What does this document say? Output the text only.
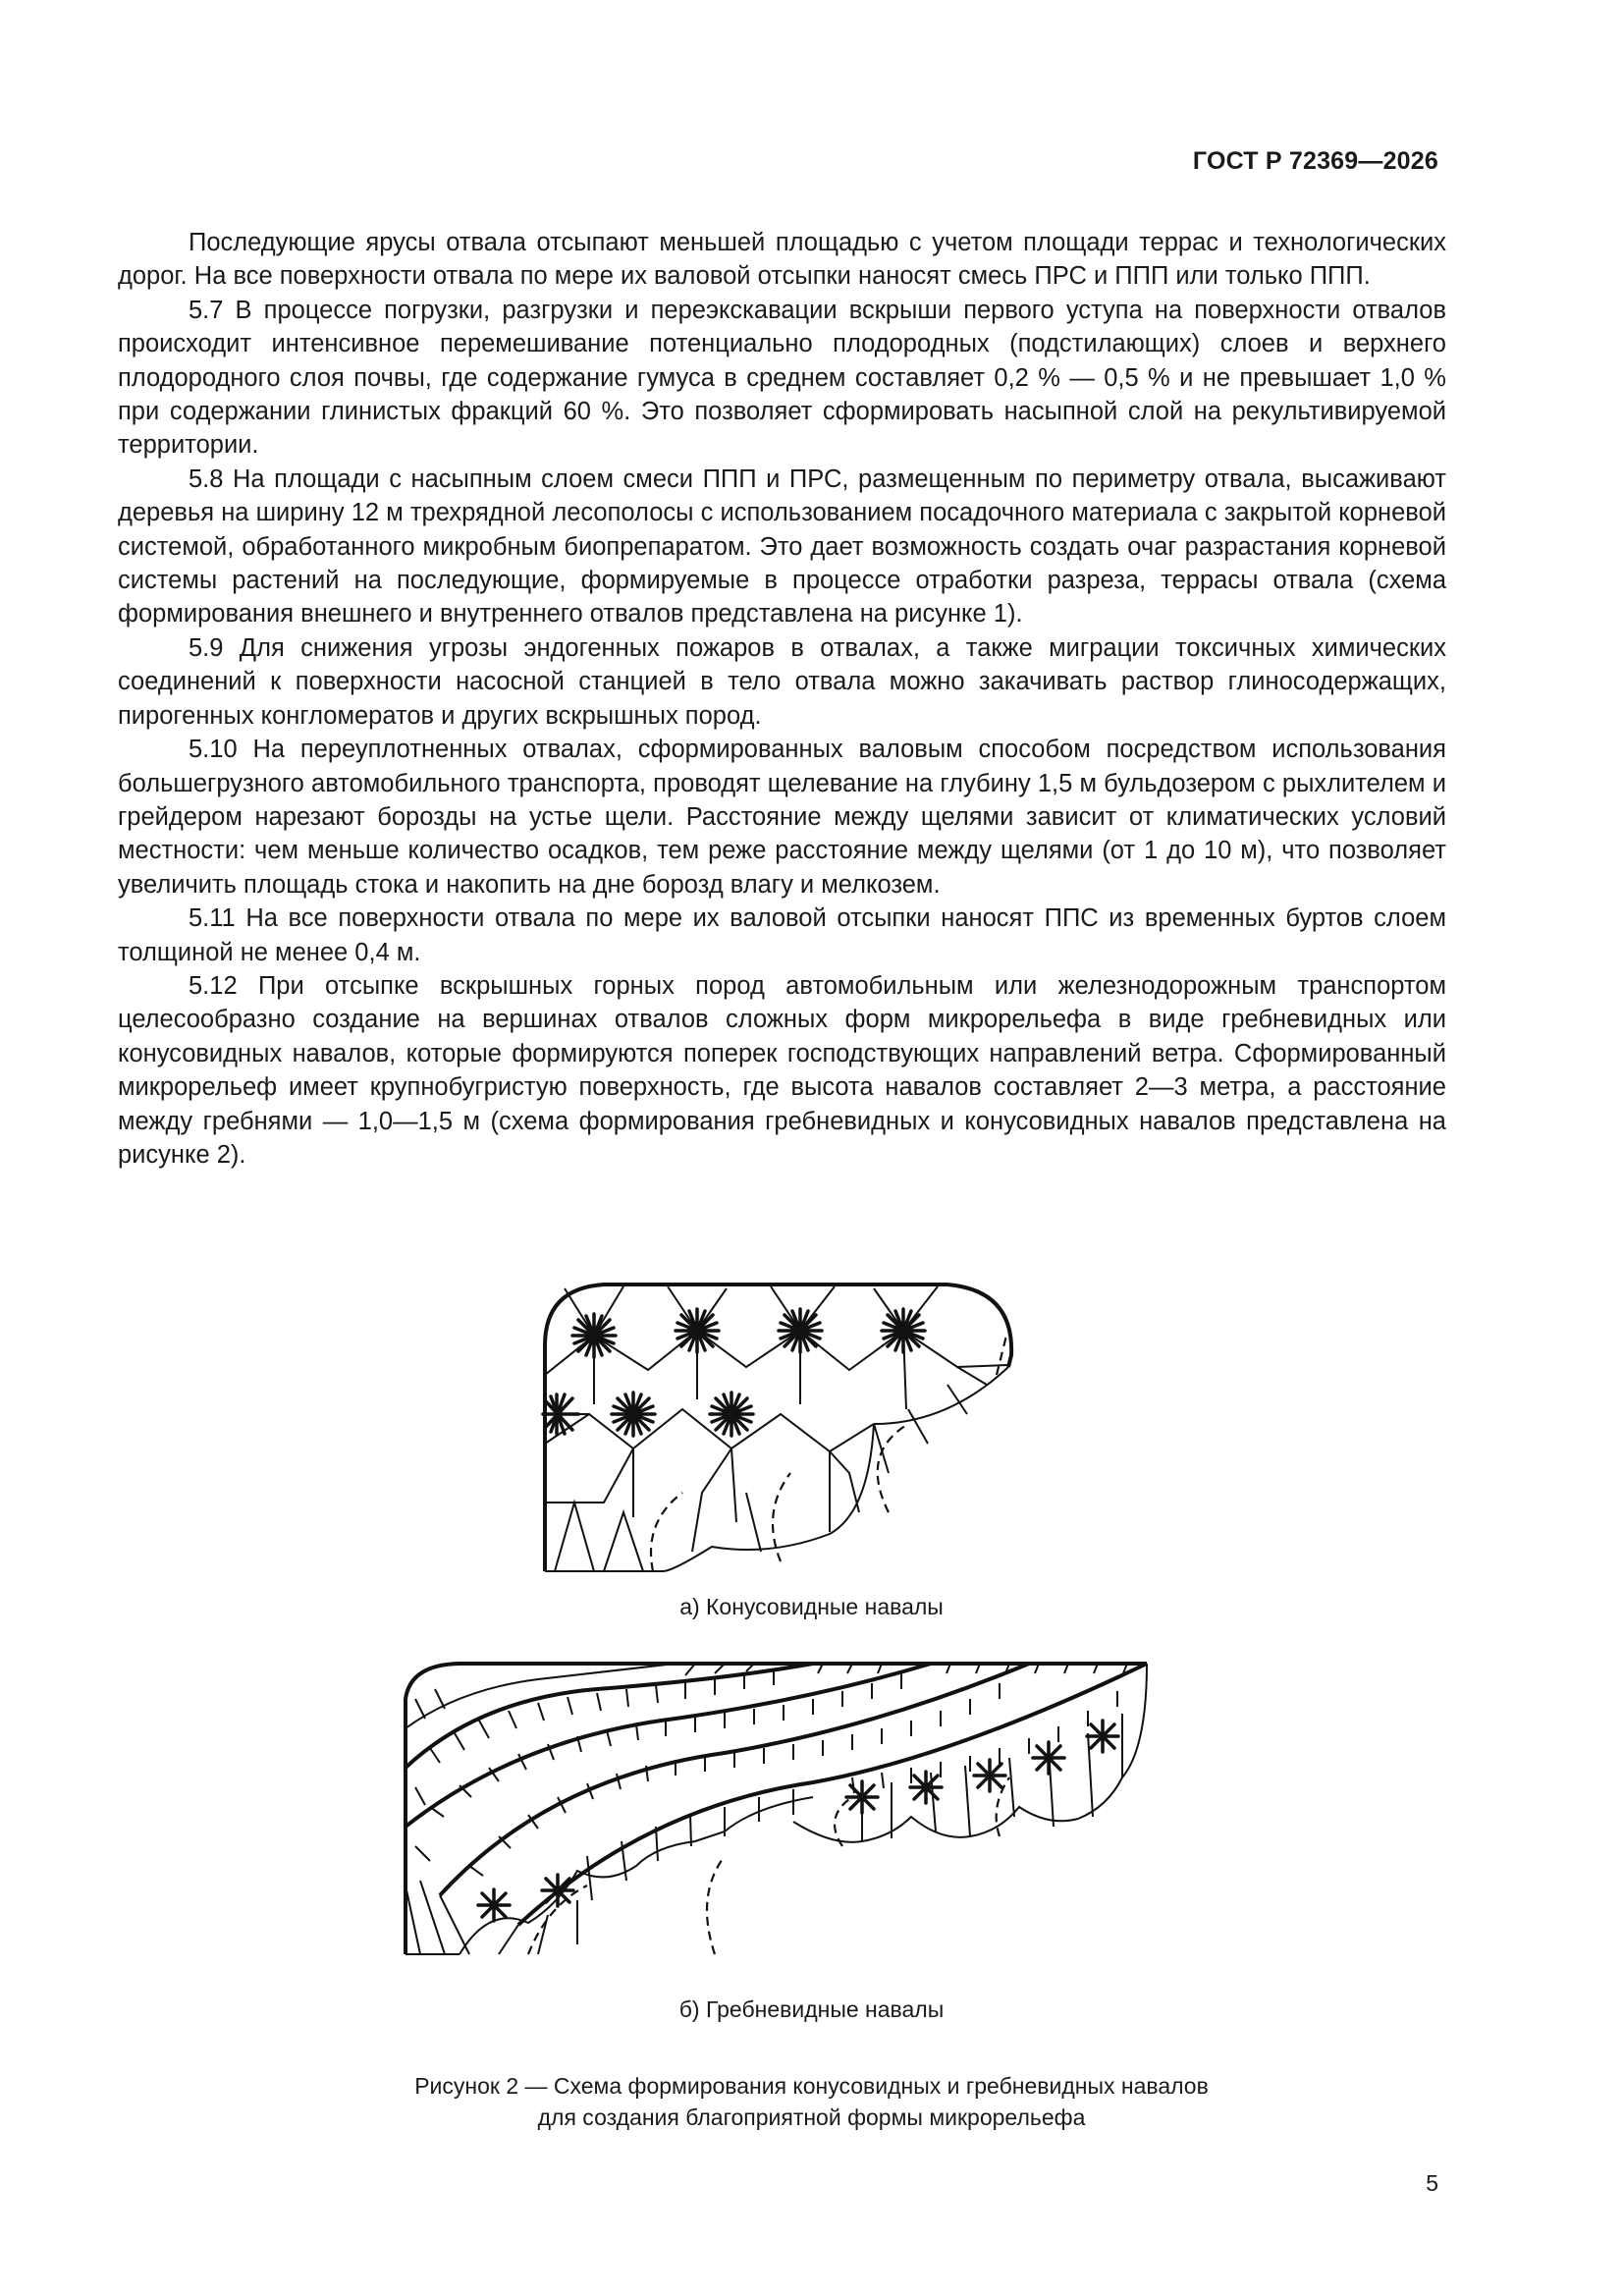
ГОСТ Р 72369—2026

Последующие ярусы отвала отсыпают меньшей площадью с учетом площади террас и технологических дорог. На все поверхности отвала по мере их валовой отсыпки наносят смесь ПРС и ППП или только ППП.

5.7 В процессе погрузки, разгрузки и переэкскавации вскрыши первого уступа на поверхности отвалов происходит интенсивное перемешивание потенциально плодородных (подстилающих) слоев и верхнего плодородного слоя почвы, где содержание гумуса в среднем составляет 0,2 % — 0,5 % и не превышает 1,0 % при содержании глинистых фракций 60 %. Это позволяет сформировать насыпной слой на рекультивируемой территории.

5.8 На площади с насыпным слоем смеси ППП и ПРС, размещенным по периметру отвала, высаживают деревья на ширину 12 м трехрядной лесополосы с использованием посадочного материала с закрытой корневой системой, обработанного микробным биопрепаратом. Это дает возможность создать очаг разрастания корневой системы растений на последующие, формируемые в процессе отработки разреза, террасы отвала (схема формирования внешнего и внутреннего отвалов представлена на рисунке 1).

5.9 Для снижения угрозы эндогенных пожаров в отвалах, а также миграции токсичных химических соединений к поверхности насосной станцией в тело отвала можно закачивать раствор глиносодержащих, пирогенных конгломератов и других вскрышных пород.

5.10 На переуплотненных отвалах, сформированных валовым способом посредством использования большегрузного автомобильного транспорта, проводят щелевание на глубину 1,5 м бульдозером с рыхлителем и грейдером нарезают борозды на устье щели. Расстояние между щелями зависит от климатических условий местности: чем меньше количество осадков, тем реже расстояние между щелями (от 1 до 10 м), что позволяет увеличить площадь стока и накопить на дне борозд влагу и мелкозем.

5.11 На все поверхности отвала по мере их валовой отсыпки наносят ППС из временных буртов слоем толщиной не менее 0,4 м.

5.12 При отсыпке вскрышных горных пород автомобильным или железнодорожным транспортом целесообразно создание на вершинах отвалов сложных форм микрорельефа в виде гребневидных или конусовидных навалов, которые формируются поперек господствующих направлений ветра. Сформированный микрорельеф имеет крупнобугристую поверхность, где высота навалов составляет 2—3 метра, а расстояние между гребнями — 1,0—1,5 м (схема формирования гребневидных и конусовидных навалов представлена на рисунке 2).

а) Конусовидные навалы
б) Гребневидные навалы
Рисунок 2 — Схема формирования конусовидных и гребневидных навалов
для создания благоприятной формы микрорельефа
5
